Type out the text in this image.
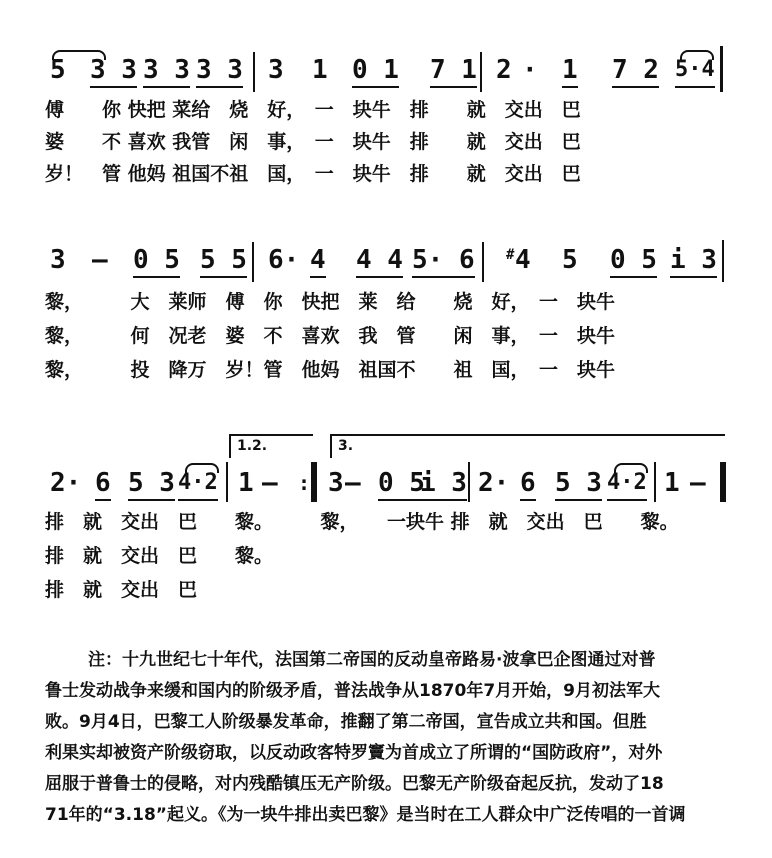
5 3 3 3 3 3 3 3 1 0 1 7 1 2 · 1 7 2 5·4
傅　　你 快把 菜给　烧　好，　一　块牛　排　　就　交出　巴
婆　　不 喜欢 我管　闲　事，　一　块牛　排　　就　交出　巴
岁！　管 他妈 祖国不祖　国，　一　块牛　排　　就　交出　巴
3 — 0 5 5 5 6· 4 4 4 5· 6 # 4 5 0 5 i 3
黎，　　　大　莱师　傅　你　快把　莱　给　　烧　好，　一　块牛
黎，　　　何　况老　婆　不　喜欢　我　管　　闲　事，　一　块牛
黎，　　　投　降万　岁！管　他妈　祖国不　　祖　国，　一　块牛
1.2.	3.
2· 6 5 3 4·2 1 — : 3 — 0 5
i 3 2· 6 5 3 4·2 1 —
排　就　交出　巴　　黎。　　　黎，　　一块牛 排　就　交出　巴　　黎。
排　就　交出　巴　　黎。
排　就　交出　巴
注：十九世纪七十年代，法国第二帝国的反动皇帝路易·波拿巴企图通过对普
鲁士发动战争来缓和国内的阶级矛盾，普法战争从1870年7月开始，9月初法军大
败。9月4日，巴黎工人阶级暴发革命，推翻了第二帝国，宣告成立共和国。但胜
利果实却被资产阶级窃取，以反动政客特罗竇为首成立了所谓的“国防政府”，对外
屈服于普鲁士的侵略，对内残酷镇压无产阶级。巴黎无产阶级奋起反抗，发动了18
71年的“3.18”起义。《为一块牛排出卖巴黎》是当时在工人群众中广泛传唱的一首调
